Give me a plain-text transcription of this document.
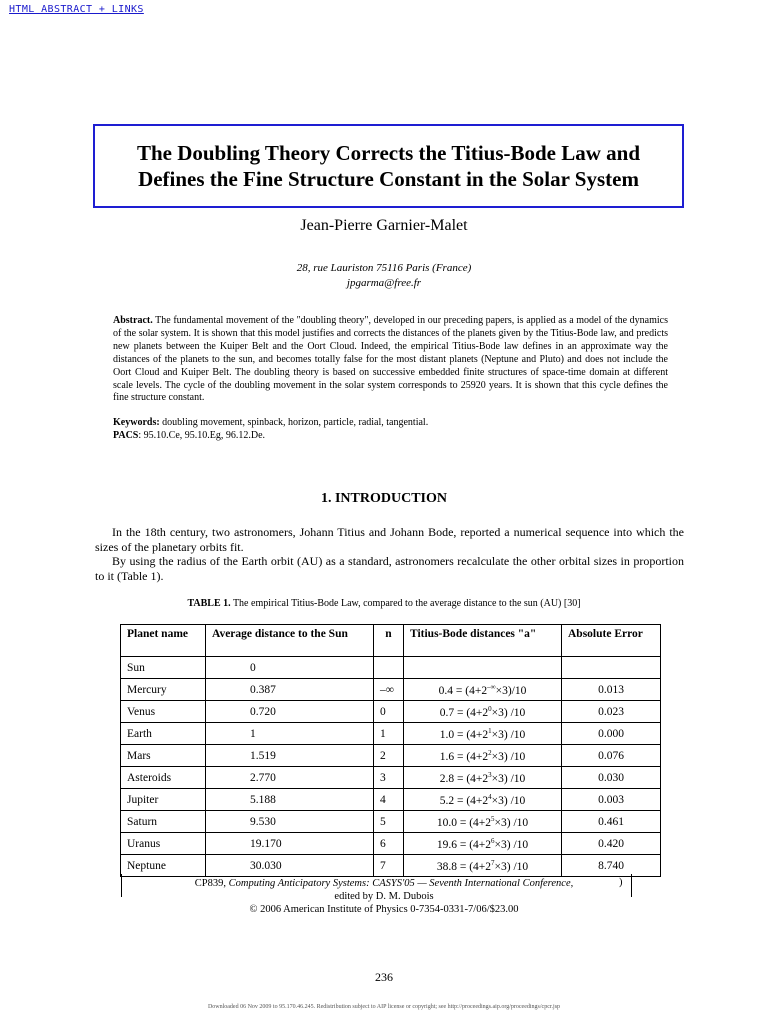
HTML ABSTRACT + LINKS
The Doubling Theory Corrects the Titius-Bode Law and
Defines the Fine Structure Constant in the Solar System
Jean-Pierre Garnier-Malet
28, rue Lauriston 75116 Paris (France)
jpgarma@free.fr
Abstract. The fundamental movement of the "doubling theory", developed in our preceding papers, is applied as a model of the dynamics of the solar system. It is shown that this model justifies and corrects the distances of the planets given by the Titius-Bode law, and predicts new planets between the Kuiper Belt and the Oort Cloud. Indeed, the empirical Titius-Bode law defines in an approximate way the distances of the planets to the sun, and becomes totally false for the most distant planets (Neptune and Pluto) and does not include the Oort Cloud and Kuiper Belt. The doubling theory is based on successive embedded finite structures of space-time domain at different scale levels. The cycle of the doubling movement in the solar system corresponds to 25920 years. It is shown that this cycle defines the fine structure constant.
Keywords: doubling movement, spinback, horizon, particle, radial, tangential.
PACS: 95.10.Ce, 95.10.Eg, 96.12.De.
1. INTRODUCTION

In the 18th century, two astronomers, Johann Titius and Johann Bode, reported a numerical sequence into which the sizes of the planetary orbits fit.

By using the radius of the Earth orbit (AU) as a standard, astronomers recalculate the other orbital sizes in proportion to it (Table 1).

TABLE 1. The empirical Titius-Bode Law, compared to the average distance to the sun (AU) [30]
Planet name	Average distance to the Sun	n	Titius-Bode distances "a"	Absolute Error
Sun	0			
Mercury	0.387	–∞	0.4 = (4+2–∞×3)/10	0.013
Venus	0.720	0	$0.7 = (4+2^0\times 3)$ /10	0.023
Earth	1	1	$1.0 = (4+2^1\times 3)$ /10	0.000
Mars	1.519	2	$1.6 = (4+2^2\times 3)$ /10	0.076
Asteroids	2.770	3	$2.8 = (4+2^3\times 3)$ /10	0.030
Jupiter	5.188	4	$5.2 = (4+2^4\times 3)$ /10	0.003
Saturn	9.530	5	$10.0 = (4+2^5\times 3)$ /10	0.461
Uranus	19.170	6	$19.6 = (4+2^6\times 3)$ /10	0.420
Neptune	30.030	7	$38.8 = (4+2^7\times 3)$ /10	8.740
CP839, Computing Anticipatory Systems: CASYS'05 — Seventh International Conference,
edited by D. M. Dubois
© 2006 American Institute of Physics 0-7354-0331-7/06/$23.00
)
236
Downloaded 06 Nov 2009 to 95.170.46.245. Redistribution subject to AIP license or copyright; see http://proceedings.aip.org/proceedings/cpcr.jsp
